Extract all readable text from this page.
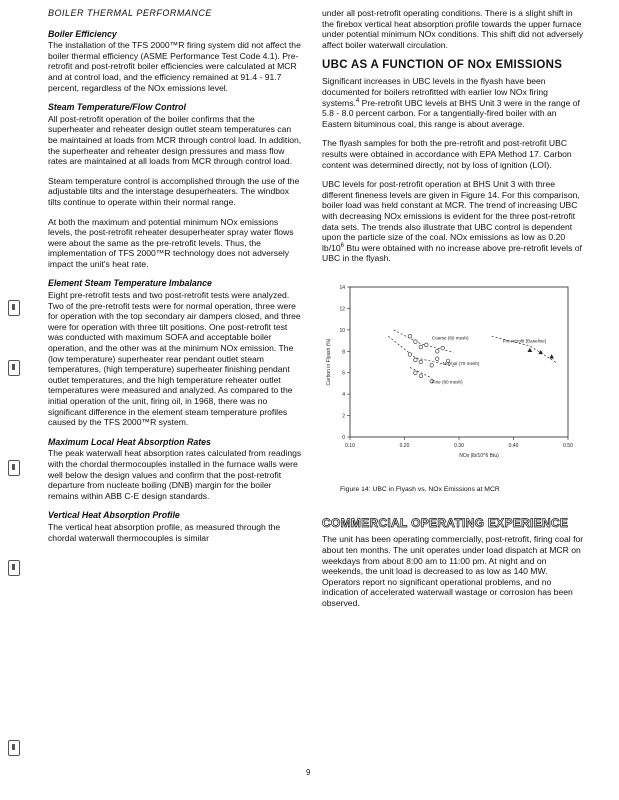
BOILER THERMAL PERFORMANCE
Boiler Efficiency

The installation of the TFS 2000™R firing system did not affect the boiler thermal efficiency (ASME Performance Test Code 4.1). Pre-retrofit and post-retrofit boiler efficiencies were calculated at MCR and at control load, and the efficiency remained at 91.4 - 91.7 percent, regardless of the NOx emissions level.

Steam Temperature/Flow Control

All post-retrofit operation of the boiler confirms that the superheater and reheater design outlet steam temperatures can be maintained at loads from MCR through control load. In addition, the superheater and reheater design pressures and mass flow rates are maintained at all loads from MCR through control load.

Steam temperature control is accomplished through the use of the adjustable tilts and the interstage desuperheaters. The windbox tilts continue to operate within their normal range.

At both the maximum and potential minimum NOx emissions levels, the post-retrofit reheater desuperheater spray water flows were about the same as the pre-retrofit levels. Thus, the implementation of TFS 2000™R technology does not adversely impact the unit's heat rate.

Element Steam Temperature Imbalance

Eight pre-retrofit tests and two post-retrofit tests were analyzed. Two of the pre-retrofit tests were for normal operation, three were for operation with the top secondary air dampers closed, and three were for operation with three tilt positions. One post-retrofit test was conducted with maximum SOFA and acceptable boiler operation, and the other was at the minimum NOx emission. The (low temperature) superheater rear pendant outlet steam temperatures, (high temperature) superheater finishing pendant outlet temperatures, and the high temperature reheater outlet temperatures were measured and analyzed. As compared to the initial operation of the unit, firing oil, in 1968, there was no significant difference in the element steam temperature profiles caused by the TFS 2000™R system.

Maximum Local Heat Absorption Rates

The peak waterwall heat absorption rates calculated from readings with the chordal thermocouples installed in the furnace walls were well below the design values and confirm that the post-retrofit departure from nucleate boiling (DNB) margin for the boiler remains within ABB C-E design standards.

Vertical Heat Absorption Profile

The vertical heat absorption profile, as measured through the chordal waterwall thermocouples is similar

under all post-retrofit operating conditions. There is a slight shift in the firebox vertical heat absorption profile towards the upper furnace under potential minimum NOx conditions. This shift did not adversely affect boiler waterwall circulation.

UBC AS A FUNCTION OF NOx EMISSIONS

Significant increases in UBC levels in the flyash have been documented for boilers retrofitted with earlier low NOx firing systems.$^4$ Pre-retrofit UBC levels at BHS Unit 3 were in the range of 5.8 - 8.0 percent carbon. For a tangentially-fired boiler with an Eastern bituminous coal, this range is about average.

The flyash samples for both the pre-retrofit and post-retrofit UBC results were obtained in accordance with EPA Method 17. Carbon content was determined directly, not by loss of ignition (LOI).

UBC levels for post-retrofit operation at BHS Unit 3 with three different fineness levels are given in Figure 14. For this comparison, boiler load was held constant at MCR. The trend of increasing UBC with decreasing NOx emissions is evident for the three post-retrofit data sets. The trends also illustrate that UBC control is dependent upon the particle size of the coal. NOx emissions as low as 0.20 $lb/10^6$ Btu were obtained with no increase above pre-retrofit levels of UBC in the flyash.

0
2
4
6
8
10
12
14
0.10	0.20	0.30	0.40	0.50
NOx (lb/10^6 Btu)
Carbon in Flyash (%)
Coarse (60 mesh)
Pre-retrofit (Baseline)
Normal (70 mesh)
Fine (80 mesh)
Figure 14: UBC in Flyash vs. NOx Emissions at MCR
COMMERCIAL OPERATING EXPERIENCE

The unit has been operating commercially, post-retrofit, firing coal for about ten months. The unit operates under load dispatch at MCR on weekdays from about 8:00 am to 11:00 pm. At night and on weekends, the unit load is decreased to as low as 140 MW. Operators report no significant operational problems, and no indication of accelerated waterwall wastage or corrosion has been observed.

9
